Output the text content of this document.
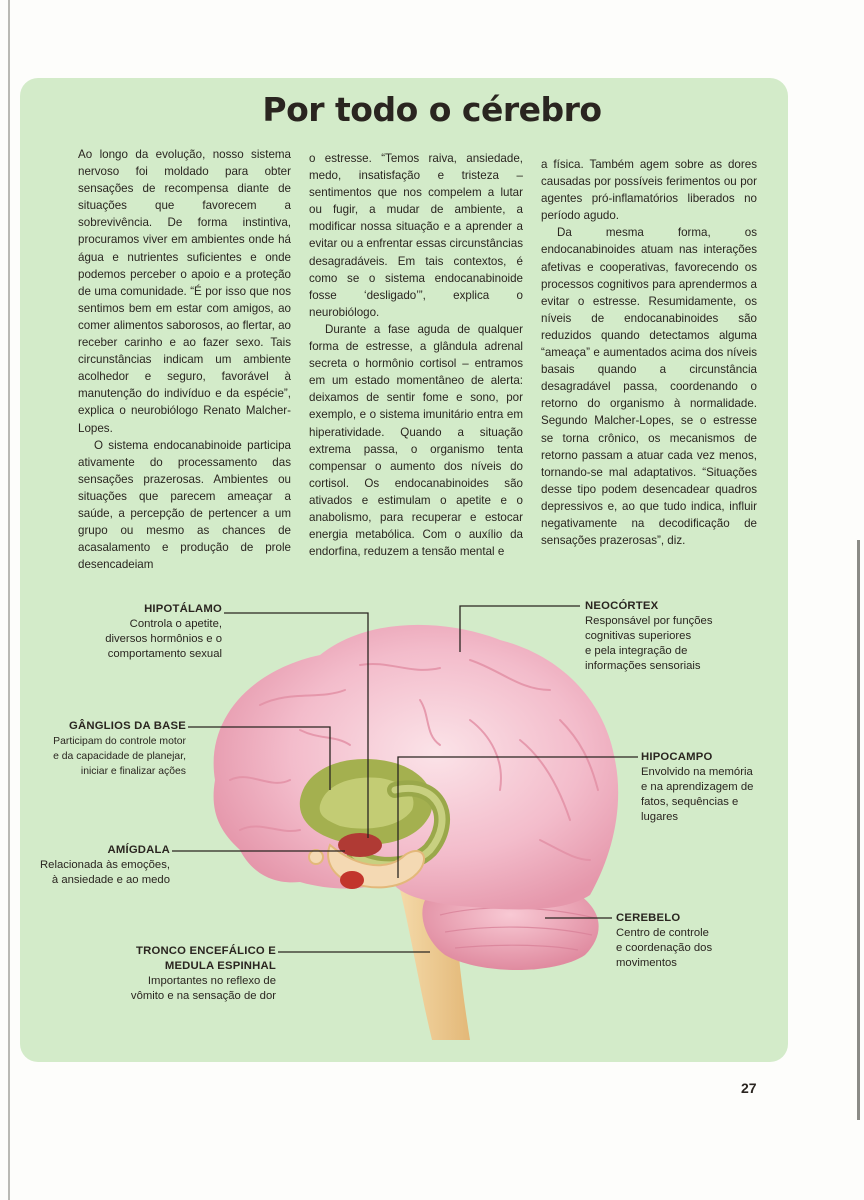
Por todo o cérebro

Ao longo da evolução, nosso sistema nervoso foi moldado para obter sensações de recompensa diante de situações que favorecem a sobrevivência. De forma instintiva, procuramos viver em ambientes onde há água e nutrientes suficientes e onde podemos perceber o apoio e a proteção de uma comunidade. “É por isso que nos sentimos bem em estar com amigos, ao comer alimentos saborosos, ao flertar, ao receber carinho e ao fazer sexo. Tais circunstâncias indicam um ambiente acolhedor e seguro, favorável à manutenção do indivíduo e da espécie”, explica o neurobiólogo Renato Malcher-Lopes.

O sistema endocanabinoide participa ativamente do processamento das sensações prazerosas. Ambientes ou situações que parecem ameaçar a saúde, a percepção de pertencer a um grupo ou mesmo as chances de acasalamento e produção de prole desencadeiam

o estresse. “Temos raiva, ansiedade, medo, insatisfação e tristeza – sentimentos que nos compelem a lutar ou fugir, a mudar de ambiente, a modificar nossa situação e a aprender a evitar ou a enfrentar essas circunstâncias desagradáveis. Em tais contextos, é como se o sistema endocanabinoide fosse ‘desligado’”, explica o neurobiólogo.

Durante a fase aguda de qualquer forma de estresse, a glândula adrenal secreta o hormônio cortisol – entramos em um estado momentâneo de alerta: deixamos de sentir fome e sono, por exemplo, e o sistema imunitário entra em hiperatividade. Quando a situação extrema passa, o organismo tenta compensar o aumento dos níveis do cortisol. Os endocanabinoides são ativados e estimulam o apetite e o anabolismo, para recuperar e estocar energia metabólica. Com o auxílio da endorfina, reduzem a tensão mental e

a física. Também agem sobre as dores causadas por possíveis ferimentos ou por agentes pró-inflamatórios liberados no período agudo.

Da mesma forma, os endocanabinoides atuam nas interações afetivas e cooperativas, favorecendo os processos cognitivos para aprendermos a evitar o estresse. Resumidamente, os níveis de endocanabinoides são reduzidos quando detectamos alguma “ameaça” e aumentados acima dos níveis basais quando a circunstância desagradável passa, coordenando o retorno do organismo à normalidade. Segundo Malcher-Lopes, se o estresse se torna crônico, os mecanismos de retorno passam a atuar cada vez menos, tornando-se mal adaptativos. “Situações desse tipo podem desencadear quadros depressivos e, ao que tudo indica, influir negativamente na decodificação de sensações prazerosas”, diz.

HIPOTÁLAMO
Controla o apetite,
diversos hormônios e o
comportamento sexual
GÂNGLIOS DA BASE
Participam do controle motor
e da capacidade de planejar,
iniciar e finalizar ações
AMÍGDALA
Relacionada às emoções,
à ansiedade e ao medo
TRONCO ENCEFÁLICO E
MEDULA ESPINHAL
Importantes no reflexo de
vômito e na sensação de dor
NEOCÓRTEX
Responsável por funções
cognitivas superiores
e pela integração de
informações sensoriais
HIPOCAMPO
Envolvido na memória
e na aprendizagem de
fatos, sequências e
lugares
CEREBELO
Centro de controle
e coordenação dos
movimentos
27
